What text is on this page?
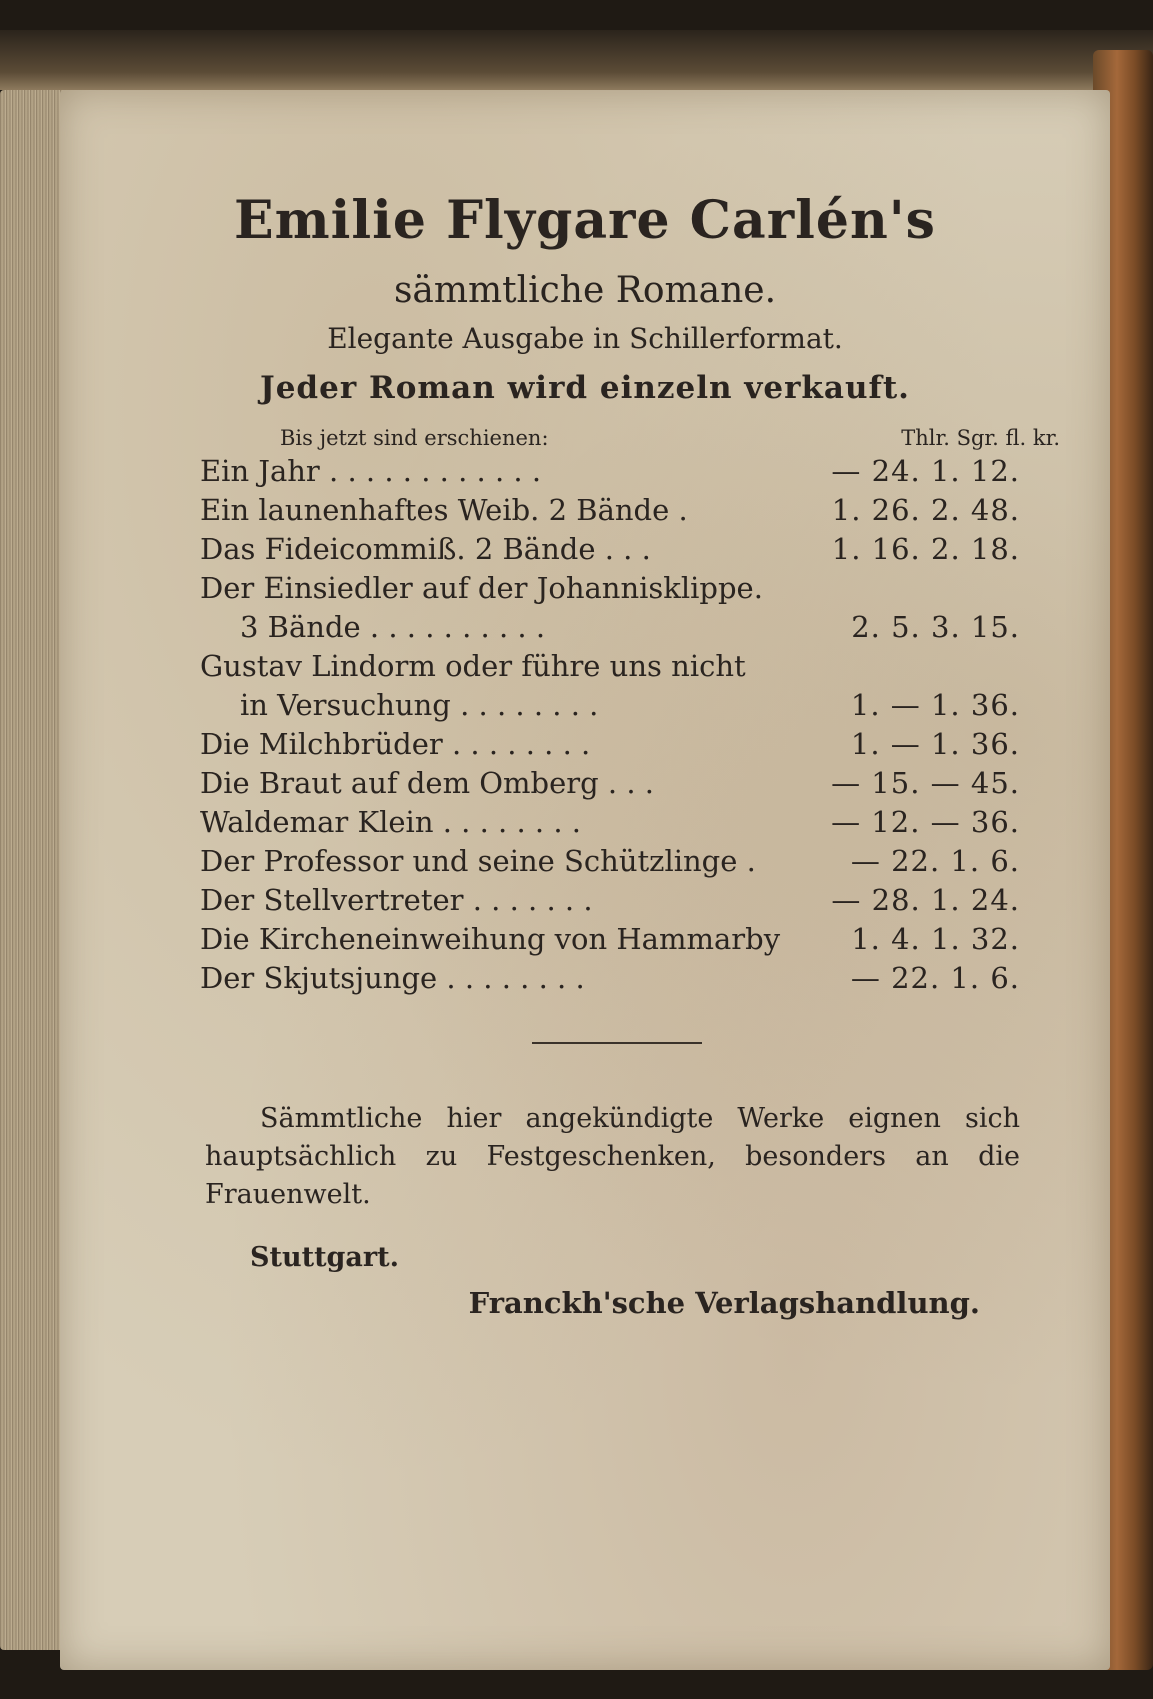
Emilie Flygare Carlén's
sämmtliche Romane.
Elegante Ausgabe in Schillerformat.
Jeder Roman wird einzeln verkauft.
Bis jetzt sind erschienen:	Thlr. Sgr. fl. kr.
Ein Jahr . . . . . . . . . . . .	— 24. 1. 12.
Ein launenhaftes Weib. 2 Bände .	1. 26. 2. 48.
Das Fideicommiß. 2 Bände . . .	1. 16. 2. 18.
Der Einsiedler auf der Johannisklippe.
3 Bände . . . . . . . . . .	2. 5. 3. 15.
Gustav Lindorm oder führe uns nicht
in Versuchung . . . . . . . .	1. — 1. 36.
Die Milchbrüder . . . . . . . .	1. — 1. 36.
Die Braut auf dem Omberg . . .	— 15. — 45.
Waldemar Klein . . . . . . . .	— 12. — 36.
Der Professor und seine Schützlinge .	— 22. 1. 6.
Der Stellvertreter . . . . . . .	— 28. 1. 24.
Die Kircheneinweihung von Hammarby 1. 4. 1. 32.
Der Skjutsjunge . . . . . . . .	— 22. 1. 6.
Sämmtliche hier angekündigte Werke eignen sich hauptsächlich zu Festgeschenken, besonders an die Frauenwelt.
Stuttgart.
Franckh'sche Verlagshandlung.
